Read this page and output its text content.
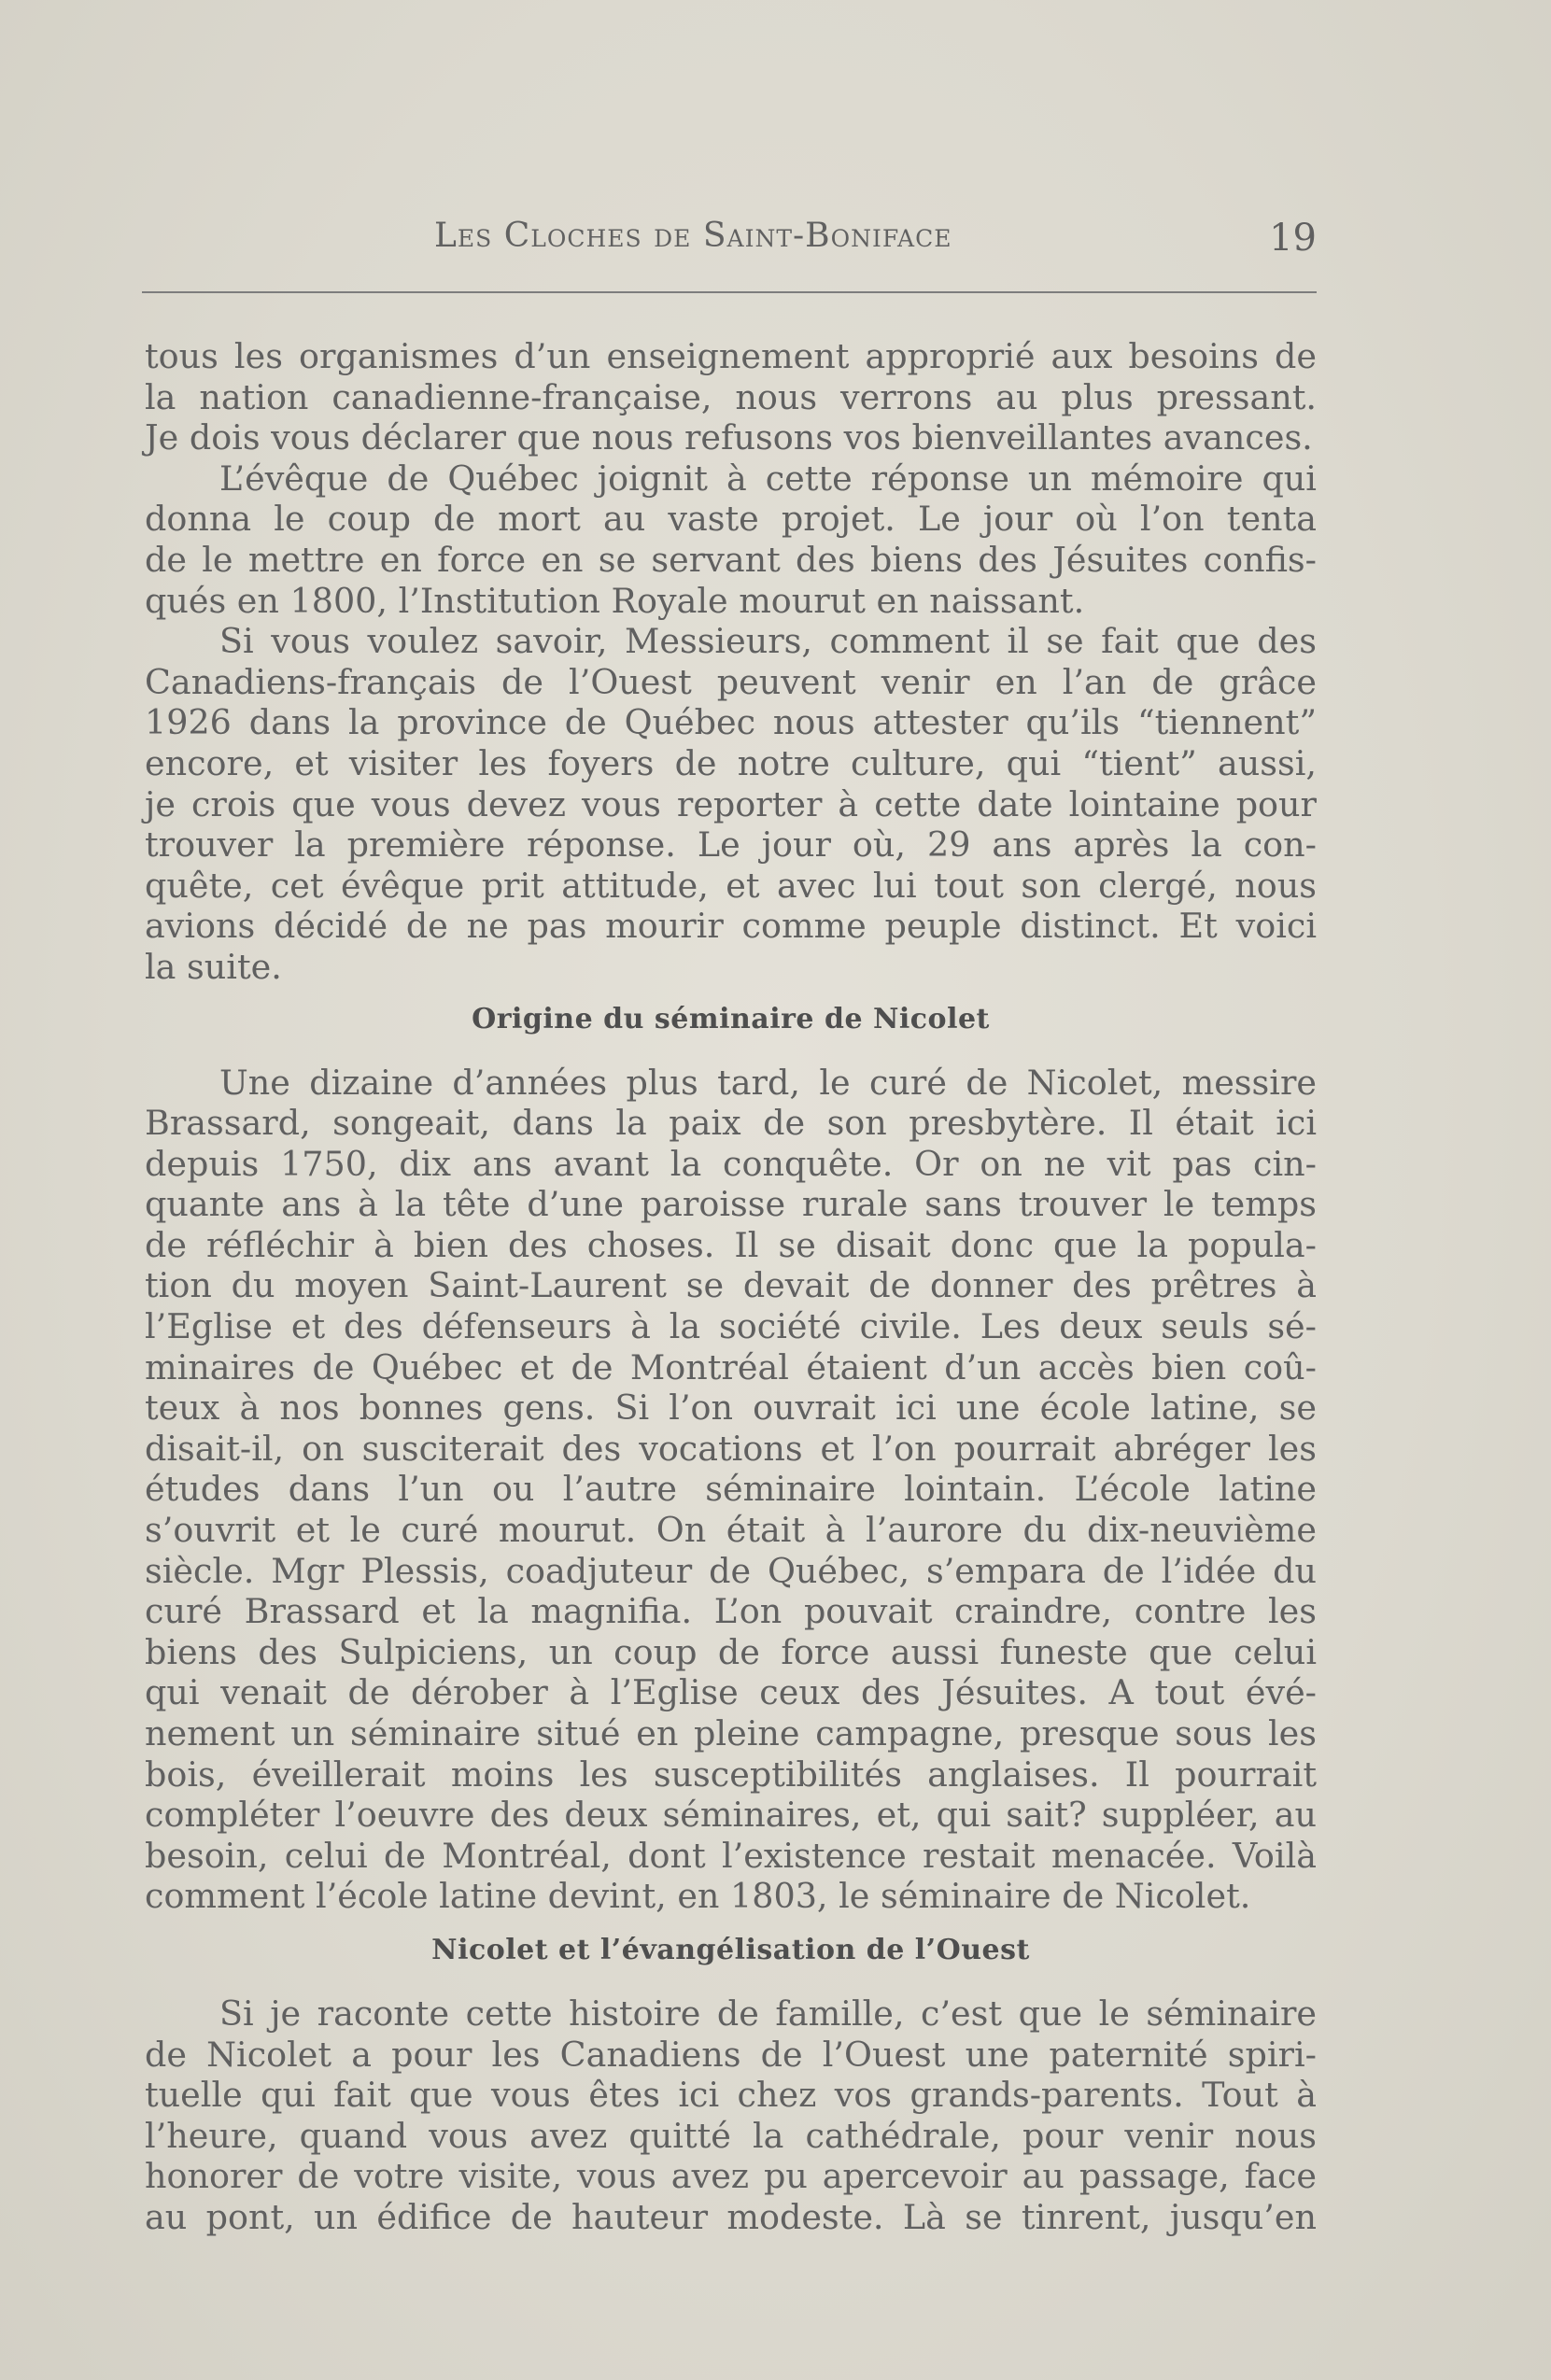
Les Cloches de Saint-Boniface	19
tous les organismes d’un enseignement approprié aux besoins de
la nation canadienne-française, nous verrons au plus pressant.
Je dois vous déclarer que nous refusons vos bienveillantes avances.
L’évêque de Québec joignit à cette réponse un mémoire qui
donna le coup de mort au vaste projet. Le jour où l’on tenta
de le mettre en force en se servant des biens des Jésuites confis-
qués en 1800, l’Institution Royale mourut en naissant.
Si vous voulez savoir, Messieurs, comment il se fait que des
Canadiens-français de l’Ouest peuvent venir en l’an de grâce
1926 dans la province de Québec nous attester qu’ils “tiennent”
encore, et visiter les foyers de notre culture, qui “tient” aussi,
je crois que vous devez vous reporter à cette date lointaine pour
trouver la première réponse. Le jour où, 29 ans après la con-
quête, cet évêque prit attitude, et avec lui tout son clergé, nous
avions décidé de ne pas mourir comme peuple distinct. Et voici
la suite.
Origine du séminaire de Nicolet
Une dizaine d’années plus tard, le curé de Nicolet, messire
Brassard, songeait, dans la paix de son presbytère. Il était ici
depuis 1750, dix ans avant la conquête. Or on ne vit pas cin-
quante ans à la tête d’une paroisse rurale sans trouver le temps
de réfléchir à bien des choses. Il se disait donc que la popula-
tion du moyen Saint-Laurent se devait de donner des prêtres à
l’Eglise et des défenseurs à la société civile. Les deux seuls sé-
minaires de Québec et de Montréal étaient d’un accès bien coû-
teux à nos bonnes gens. Si l’on ouvrait ici une école latine, se
disait-il, on susciterait des vocations et l’on pourrait abréger les
études dans l’un ou l’autre séminaire lointain. L’école latine
s’ouvrit et le curé mourut. On était à l’aurore du dix-neuvième
siècle. Mgr Plessis, coadjuteur de Québec, s’empara de l’idée du
curé Brassard et la magnifia. L’on pouvait craindre, contre les
biens des Sulpiciens, un coup de force aussi funeste que celui
qui venait de dérober à l’Eglise ceux des Jésuites. A tout évé-
nement un séminaire situé en pleine campagne, presque sous les
bois, éveillerait moins les susceptibilités anglaises. Il pourrait
compléter l’oeuvre des deux séminaires, et, qui sait? suppléer, au
besoin, celui de Montréal, dont l’existence restait menacée. Voilà
comment l’école latine devint, en 1803, le séminaire de Nicolet.
Nicolet et l’évangélisation de l’Ouest
Si je raconte cette histoire de famille, c’est que le séminaire
de Nicolet a pour les Canadiens de l’Ouest une paternité spiri-
tuelle qui fait que vous êtes ici chez vos grands-parents. Tout à
l’heure, quand vous avez quitté la cathédrale, pour venir nous
honorer de votre visite, vous avez pu apercevoir au passage, face
au pont, un édifice de hauteur modeste. Là se tinrent, jusqu’en
